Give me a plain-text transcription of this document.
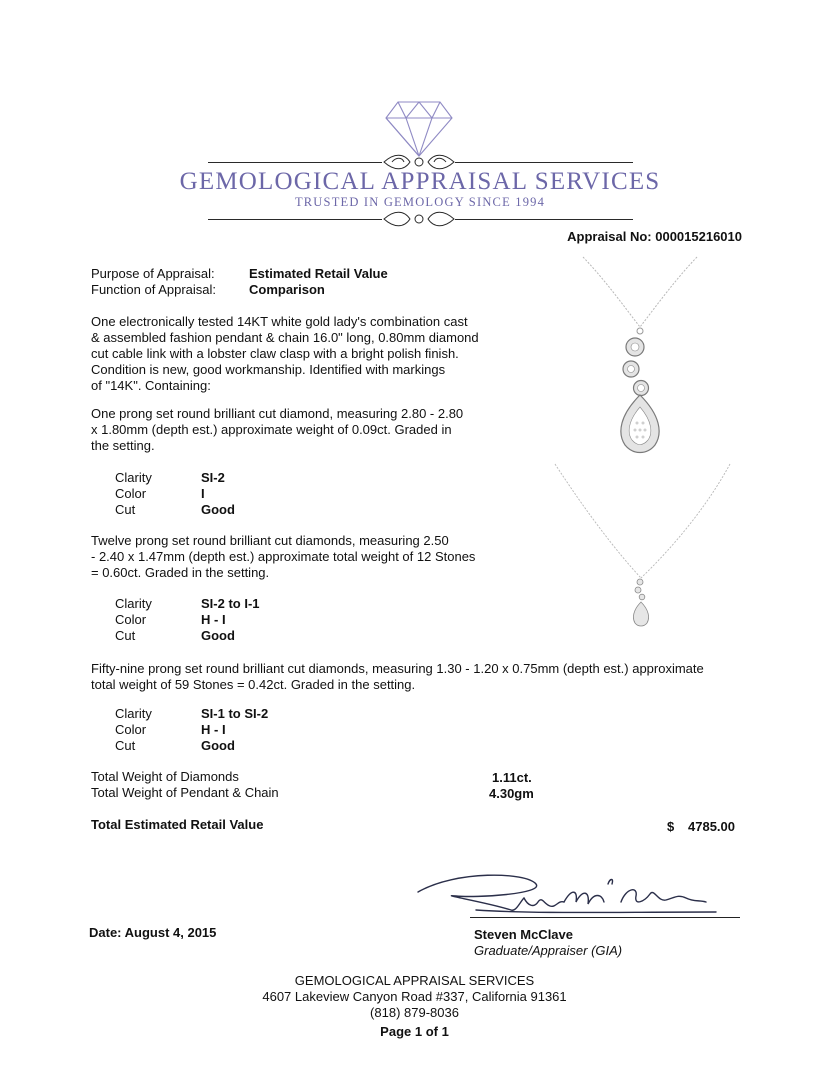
GEMOLOGICAL APPRAISAL SERVICES
TRUSTED IN GEMOLOGY SINCE 1994
Appraisal No: 000015216010
Purpose of Appraisal:	Estimated Retail Value
Function of Appraisal:	Comparison
One electronically tested 14KT white gold lady's combination cast
& assembled fashion pendant & chain 16.0" long, 0.80mm diamond
cut cable link with a lobster claw clasp with a bright polish finish.
Condition is new, good workmanship. Identified with markings
of "14K". Containing:
One prong set round brilliant cut diamond, measuring 2.80 - 2.80
x 1.80mm (depth est.) approximate weight of 0.09ct. Graded in
the setting.
Clarity	SI-2
Color	I
Cut	Good
Twelve prong set round brilliant cut diamonds, measuring 2.50
- 2.40 x 1.47mm (depth est.) approximate total weight of 12 Stones
= 0.60ct. Graded in the setting.
Clarity	SI-2 to I-1
Color	H - I
Cut	Good
Fifty-nine prong set round brilliant cut diamonds, measuring 1.30 - 1.20 x 0.75mm (depth est.) approximate
total weight of 59 Stones = 0.42ct. Graded in the setting.
Clarity	SI-1 to SI-2
Color	H - I
Cut	Good
Total Weight of Diamonds	1.11ct.
Total Weight of Pendant & Chain	4.30gm
Total Estimated Retail Value	$ 4785.00
Date: August 4, 2015	Steven McClave
Graduate/Appraiser (GIA)
GEMOLOGICAL APPRAISAL SERVICES
4607 Lakeview Canyon Road #337, California 91361
(818) 879-8036
Page 1 of 1
